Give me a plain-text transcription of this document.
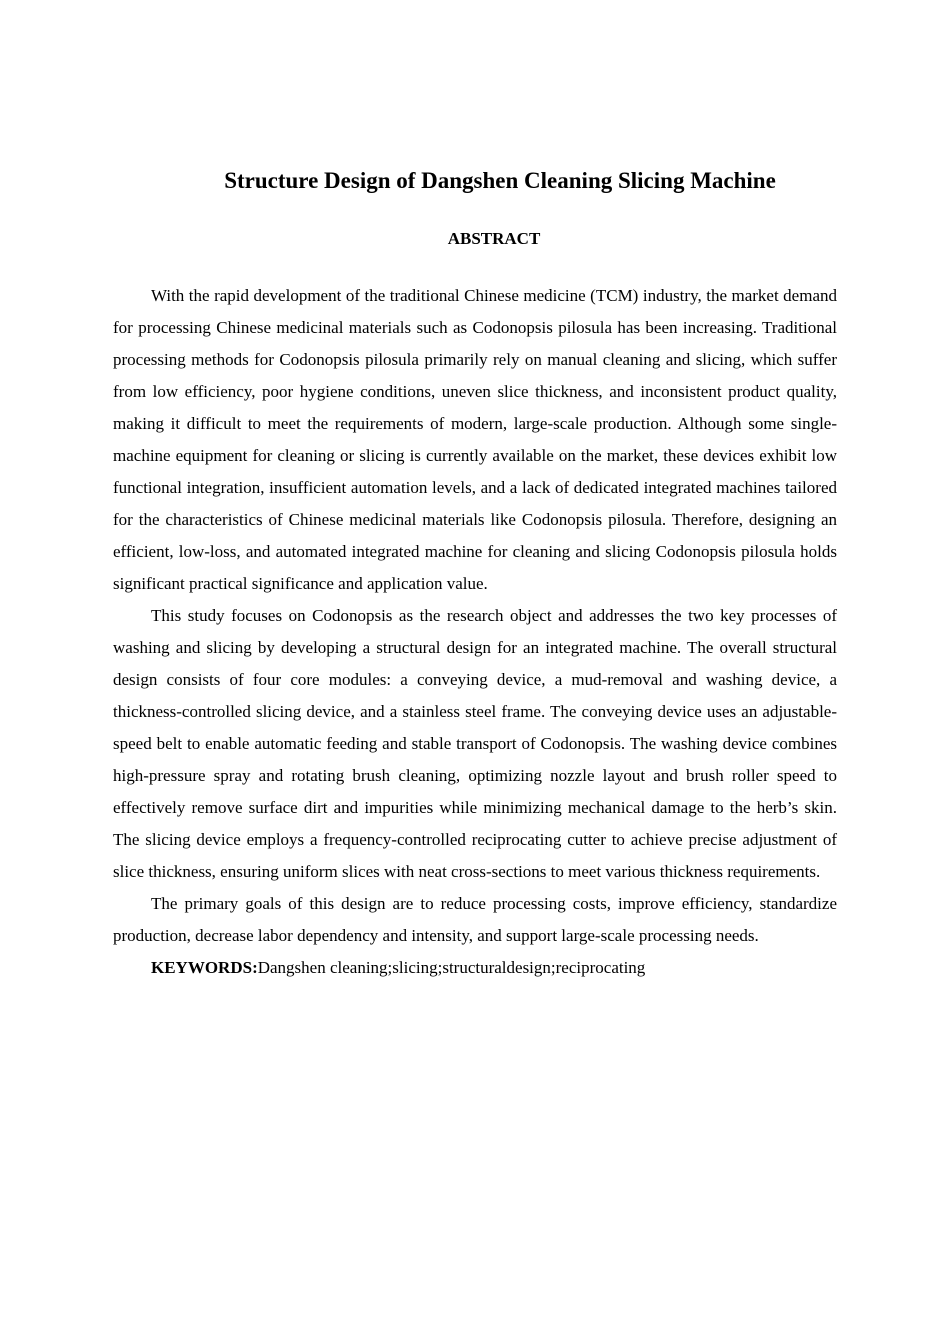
Structure Design of Dangshen Cleaning Slicing Machine
ABSTRACT

With the rapid development of the traditional Chinese medicine (TCM) industry, the market demand for processing Chinese medicinal materials such as Codonopsis pilosula has been increasing. Traditional processing methods for Codonopsis pilosula primarily rely on manual cleaning and slicing, which suffer from low efficiency, poor hygiene conditions, uneven slice thickness, and inconsistent product quality, making it difficult to meet the requirements of modern, large-scale production. Although some single-machine equipment for cleaning or slicing is currently available on the market, these devices exhibit low functional integration, insufficient automation levels, and a lack of dedicated integrated machines tailored for the characteristics of Chinese medicinal materials like Codonopsis pilosula. Therefore, designing an efficient, low-loss, and automated integrated machine for cleaning and slicing Codonopsis pilosula holds significant practical significance and application value.

This study focuses on Codonopsis as the research object and addresses the two key processes of washing and slicing by developing a structural design for an integrated machine. The overall structural design consists of four core modules: a conveying device, a mud-removal and washing device, a thickness-controlled slicing device, and a stainless steel frame. The conveying device uses an adjustable-speed belt to enable automatic feeding and stable transport of Codonopsis. The washing device combines high-pressure spray and rotating brush cleaning, optimizing nozzle layout and brush roller speed to effectively remove surface dirt and impurities while minimizing mechanical damage to the herb’s skin. The slicing device employs a frequency-controlled reciprocating cutter to achieve precise adjustment of slice thickness, ensuring uniform slices with neat cross-sections to meet various thickness requirements.

The primary goals of this design are to reduce processing costs, improve efficiency, standardize production, decrease labor dependency and intensity, and support large-scale processing needs.

KEYWORDS:Dangshen cleaning;slicing;structuraldesign;reciprocating
